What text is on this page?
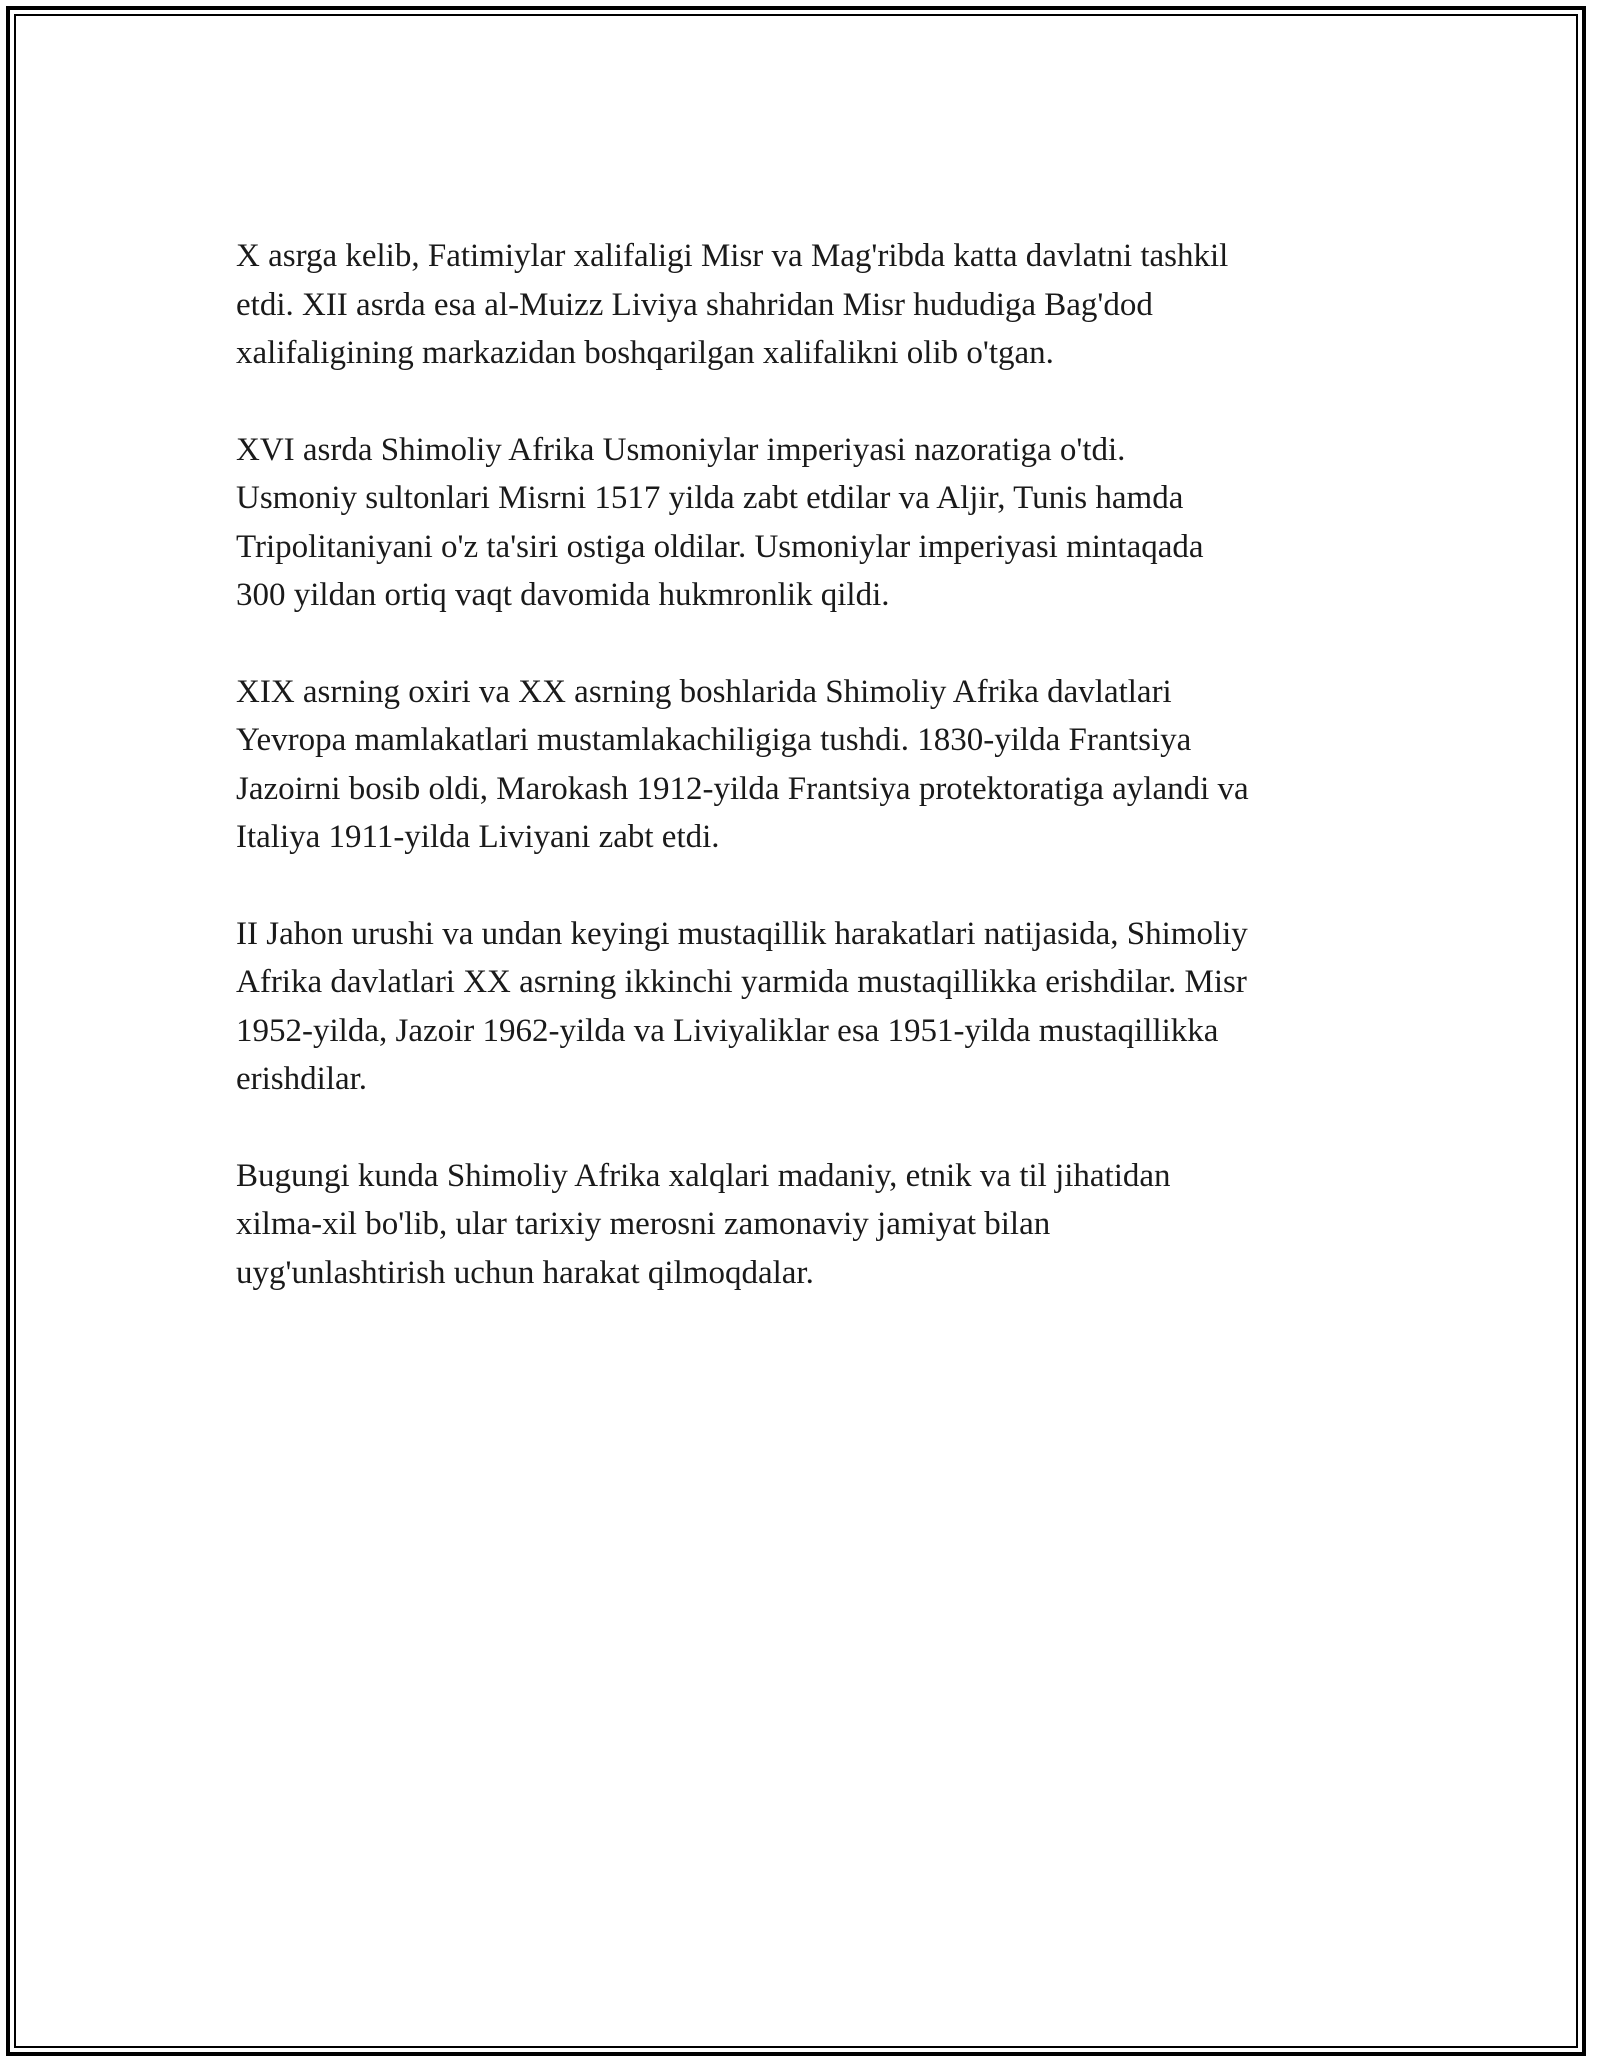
X asrga kelib, Fatimiylar xalifaligi Misr va Mag'ribda katta davlatni tashkil
etdi. XII asrda esa al-Muizz Liviya shahridan Misr hududiga Bag'dod
xalifaligining markazidan boshqarilgan xalifalikni olib o'tgan.

XVI asrda Shimoliy Afrika Usmoniylar imperiyasi nazoratiga o'tdi.
Usmoniy sultonlari Misrni 1517 yilda zabt etdilar va Aljir, Tunis hamda
Tripolitaniyani o'z ta'siri ostiga oldilar. Usmoniylar imperiyasi mintaqada
300 yildan ortiq vaqt davomida hukmronlik qildi.

XIX asrning oxiri va XX asrning boshlarida Shimoliy Afrika davlatlari
Yevropa mamlakatlari mustamlakachiligiga tushdi. 1830-yilda Frantsiya
Jazoirni bosib oldi, Marokash 1912-yilda Frantsiya protektoratiga aylandi va
Italiya 1911-yilda Liviyani zabt etdi.

II Jahon urushi va undan keyingi mustaqillik harakatlari natijasida, Shimoliy
Afrika davlatlari XX asrning ikkinchi yarmida mustaqillikka erishdilar. Misr
1952-yilda, Jazoir 1962-yilda va Liviyaliklar esa 1951-yilda mustaqillikka
erishdilar.

Bugungi kunda Shimoliy Afrika xalqlari madaniy, etnik va til jihatidan
xilma-xil bo'lib, ular tarixiy merosni zamonaviy jamiyat bilan
uyg'unlashtirish uchun harakat qilmoqdalar.
